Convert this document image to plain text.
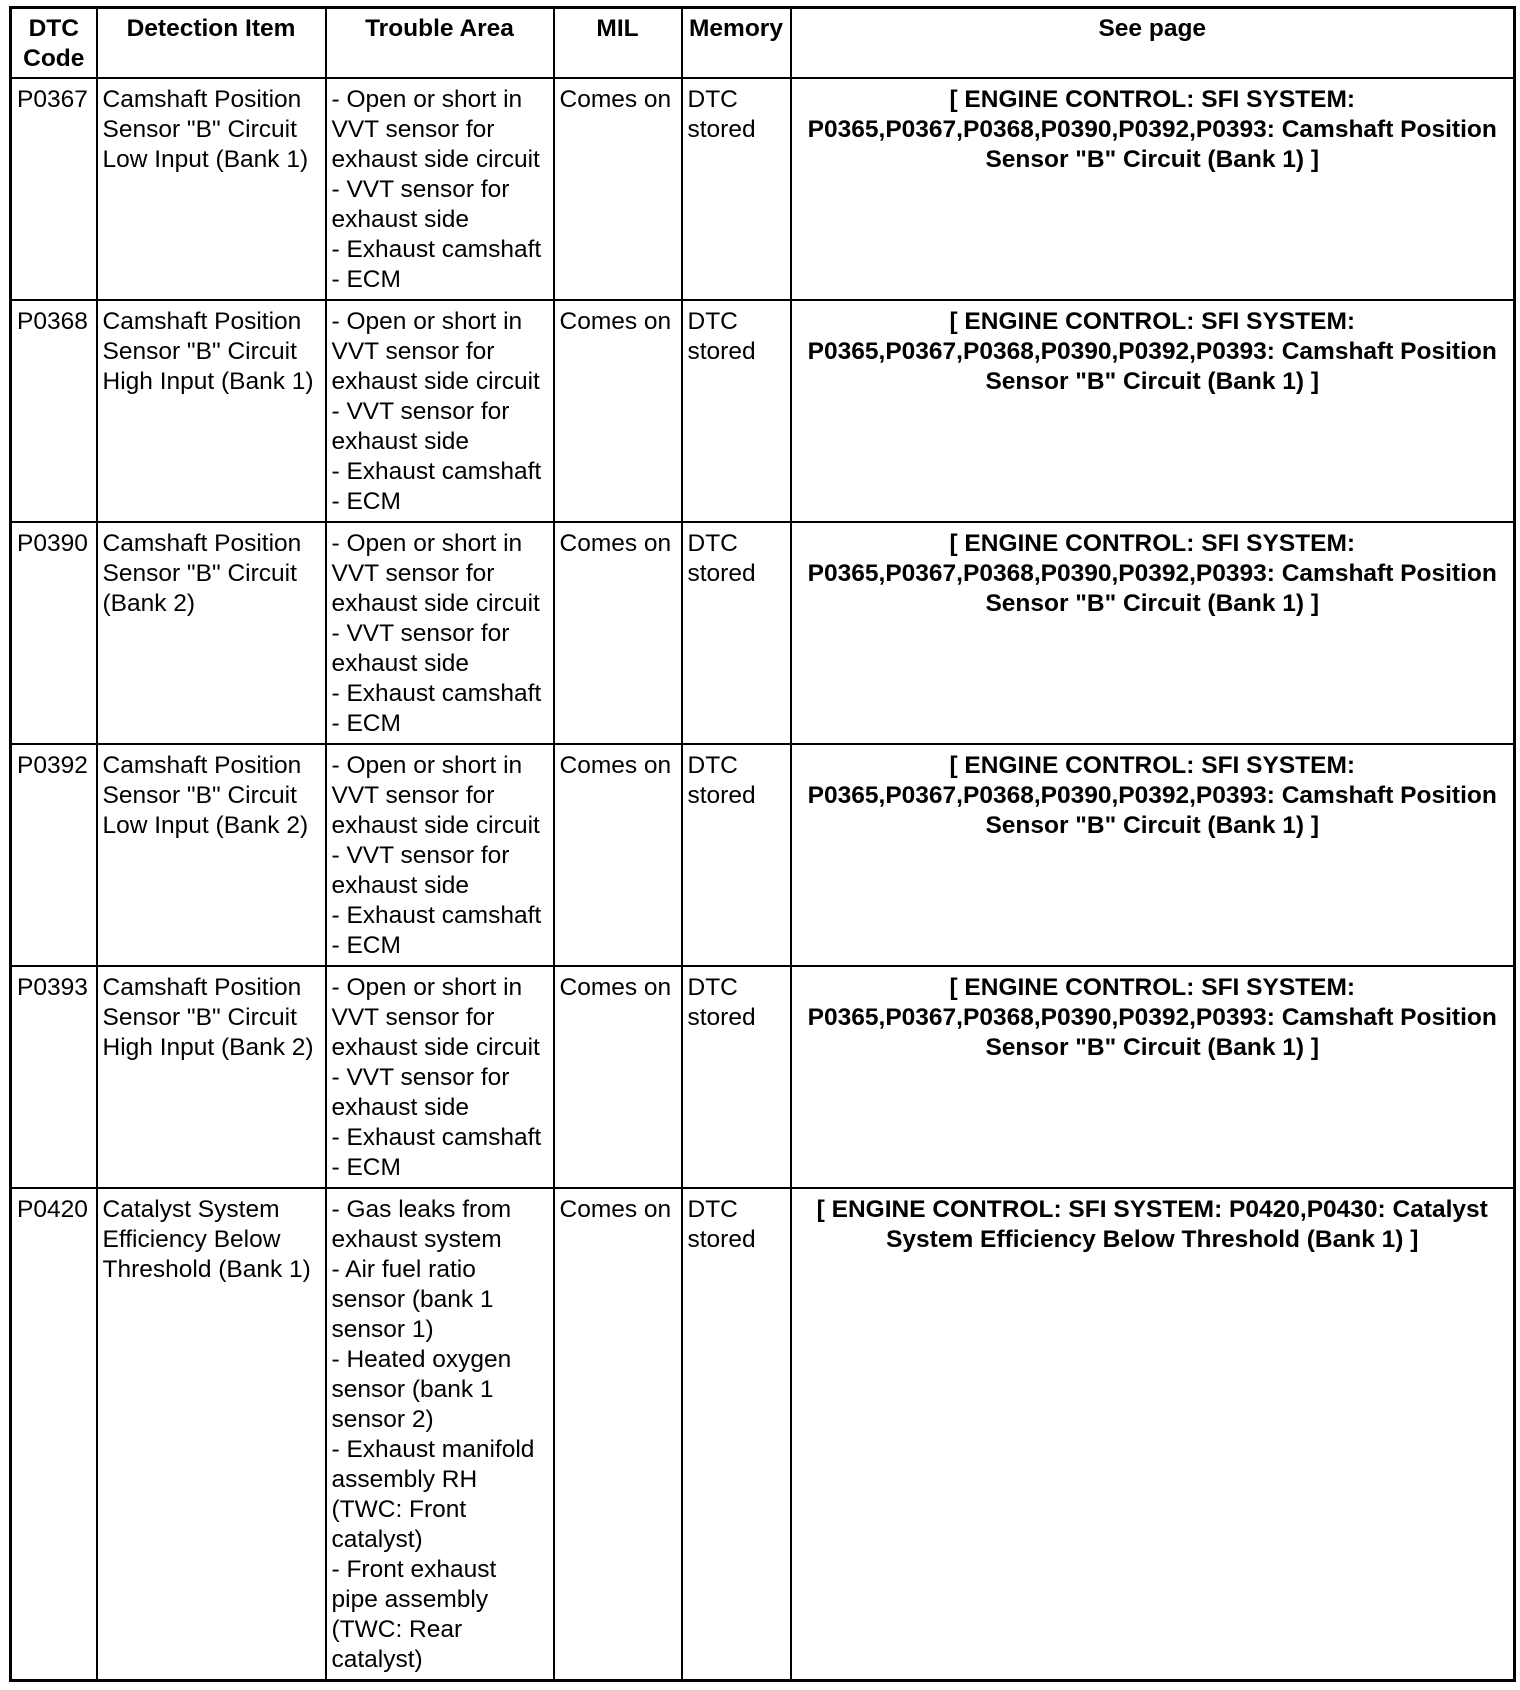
DTC Code	Detection Item	Trouble Area	MIL	Memory	See page
P0367	Camshaft Position Sensor "B" Circuit Low Input (Bank 1)	- Open or short in VVT sensor for exhaust side circuit
- VVT sensor for exhaust side
- Exhaust camshaft
- ECM	Comes on	DTC stored	[ ENGINE CONTROL: SFI SYSTEM: P0365,P0367,P0368,P0390,P0392,P0393: Camshaft Position Sensor "B" Circuit (Bank 1) ]
P0368	Camshaft Position Sensor "B" Circuit High Input (Bank 1)	- Open or short in VVT sensor for exhaust side circuit
- VVT sensor for exhaust side
- Exhaust camshaft
- ECM	Comes on	DTC stored	[ ENGINE CONTROL: SFI SYSTEM: P0365,P0367,P0368,P0390,P0392,P0393: Camshaft Position Sensor "B" Circuit (Bank 1) ]
P0390	Camshaft Position Sensor "B" Circuit (Bank 2)	- Open or short in VVT sensor for exhaust side circuit
- VVT sensor for exhaust side
- Exhaust camshaft
- ECM	Comes on	DTC stored	[ ENGINE CONTROL: SFI SYSTEM: P0365,P0367,P0368,P0390,P0392,P0393: Camshaft Position Sensor "B" Circuit (Bank 1) ]
P0392	Camshaft Position Sensor "B" Circuit Low Input (Bank 2)	- Open or short in VVT sensor for exhaust side circuit
- VVT sensor for exhaust side
- Exhaust camshaft
- ECM	Comes on	DTC stored	[ ENGINE CONTROL: SFI SYSTEM: P0365,P0367,P0368,P0390,P0392,P0393: Camshaft Position Sensor "B" Circuit (Bank 1) ]
P0393	Camshaft Position Sensor "B" Circuit High Input (Bank 2)	- Open or short in VVT sensor for exhaust side circuit
- VVT sensor for exhaust side
- Exhaust camshaft
- ECM	Comes on	DTC stored	[ ENGINE CONTROL: SFI SYSTEM: P0365,P0367,P0368,P0390,P0392,P0393: Camshaft Position Sensor "B" Circuit (Bank 1) ]
P0420	Catalyst System Efficiency Below Threshold (Bank 1)	- Gas leaks from exhaust system
- Air fuel ratio sensor (bank 1 sensor 1)
- Heated oxygen sensor (bank 1 sensor 2)
- Exhaust manifold assembly RH (TWC: Front catalyst)
- Front exhaust pipe assembly (TWC: Rear catalyst)	Comes on	DTC stored	[ ENGINE CONTROL: SFI SYSTEM: P0420,P0430: Catalyst System Efficiency Below Threshold (Bank 1) ]
